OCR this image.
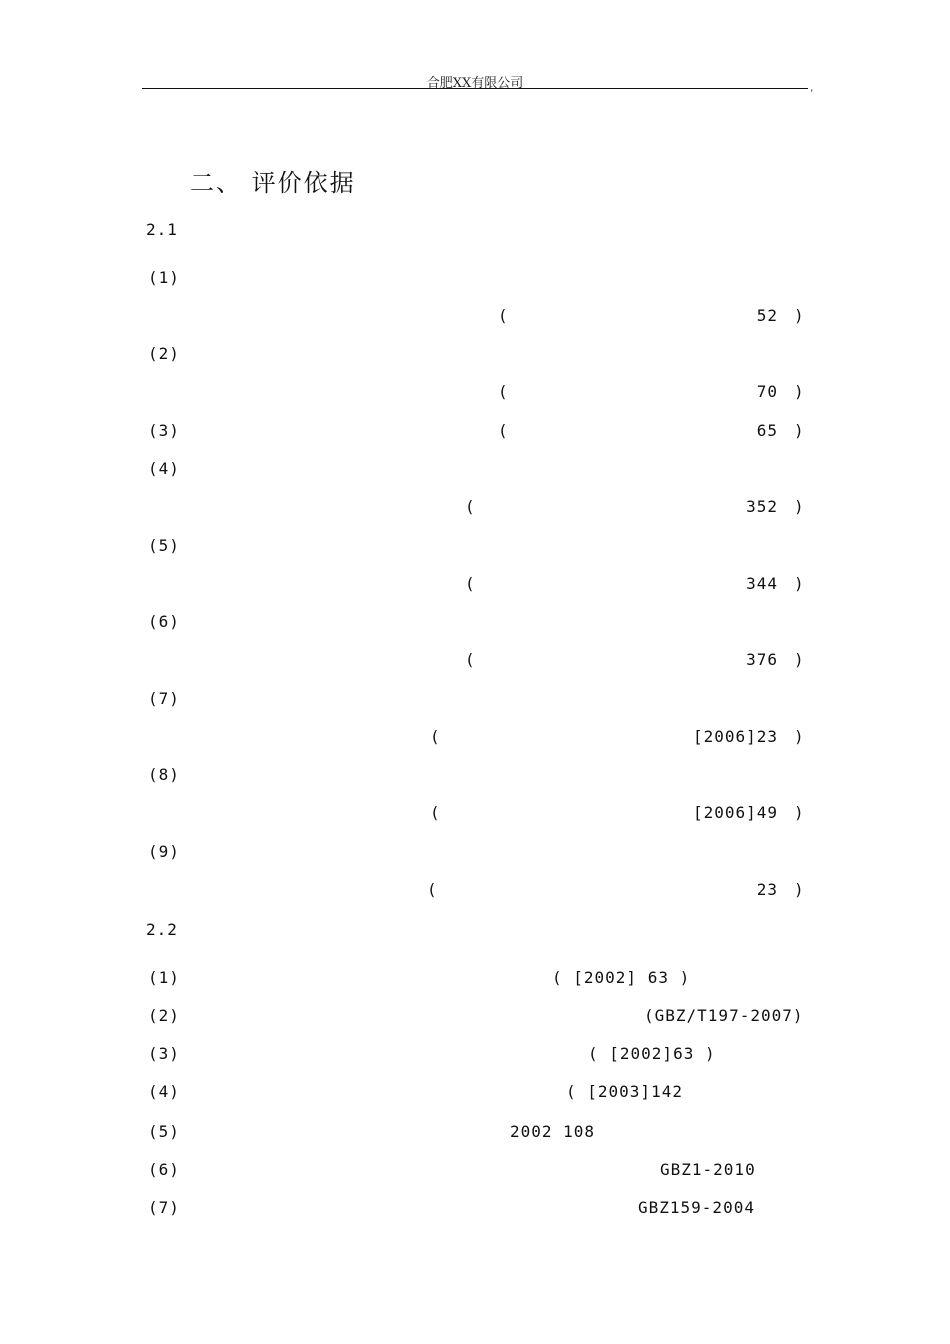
合肥XX有限公司	,
二、 评价依据
2.1
(1)
(	52 )
(2)
(	70 )
(3)	(	65 )
(4)
(	352 )
(5)
(	344 )
(6)
(	376 )
(7)
(	[2006]23 )
(8)
(	[2006]49 )
(9)
(	23 )
2.2
(1)	( [2002] 63 )
(2)	(GBZ/T197-2007)
(3)	( [2002]63 )
(4)	( [2003]142
(5)	2002 108
(6)	GBZ1-2010
(7)	GBZ159-2004
